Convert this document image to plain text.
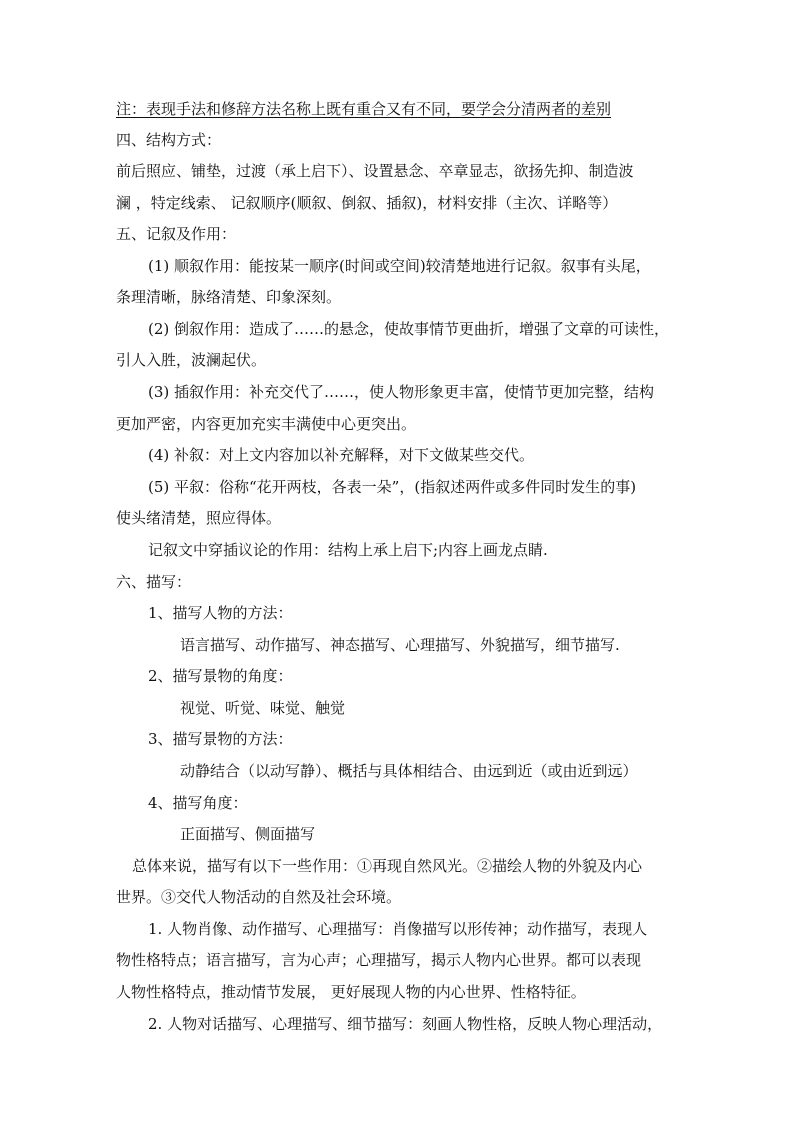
注：表现手法和修辞方法名称上既有重合又有不同，要学会分清两者的差别
四、结构方式：
前后照应、铺垫，过渡（承上启下）、设置悬念、卒章显志，欲扬先抑、制造波
澜 ，特定线索、 记叙顺序(顺叙、倒叙、插叙)，材料安排（主次、详略等）
五、记叙及作用：
(1) 顺叙作用：能按某一顺序(时间或空间)较清楚地进行记叙。叙事有头尾，
条理清晰，脉络清楚、印象深刻。
(2) 倒叙作用：造成了……的悬念，使故事情节更曲折，增强了文章的可读性，
引人入胜，波澜起伏。
(3) 插叙作用：补充交代了……，使人物形象更丰富，使情节更加完整，结构
更加严密，内容更加充实丰满使中心更突出。
(4) 补叙：对上文内容加以补充解释，对下文做某些交代。
(5) 平叙：俗称“花开两枝，各表一朵”，(指叙述两件或多件同时发生的事)
使头绪清楚，照应得体。
记叙文中穿插议论的作用：结构上承上启下;内容上画龙点睛.
六、描写：
1、描写人物的方法：
语言描写、动作描写、神态描写、心理描写、外貌描写，细节描写.
2、描写景物的角度：
视觉、听觉、味觉、触觉
3、描写景物的方法：
动静结合（以动写静）、概括与具体相结合、由远到近（或由近到远）
4、描写角度：
正面描写、侧面描写
总体来说，描写有以下一些作用：①再现自然风光。②描绘人物的外貌及内心
世界。③交代人物活动的自然及社会环境。
1. 人物肖像、动作描写、心理描写：肖像描写以形传神；动作描写，表现人
物性格特点；语言描写，言为心声；心理描写，揭示人物内心世界。都可以表现
人物性格特点，推动情节发展， 更好展现人物的内心世界、性格特征。
2. 人物对话描写、心理描写、细节描写：刻画人物性格，反映人物心理活动，
